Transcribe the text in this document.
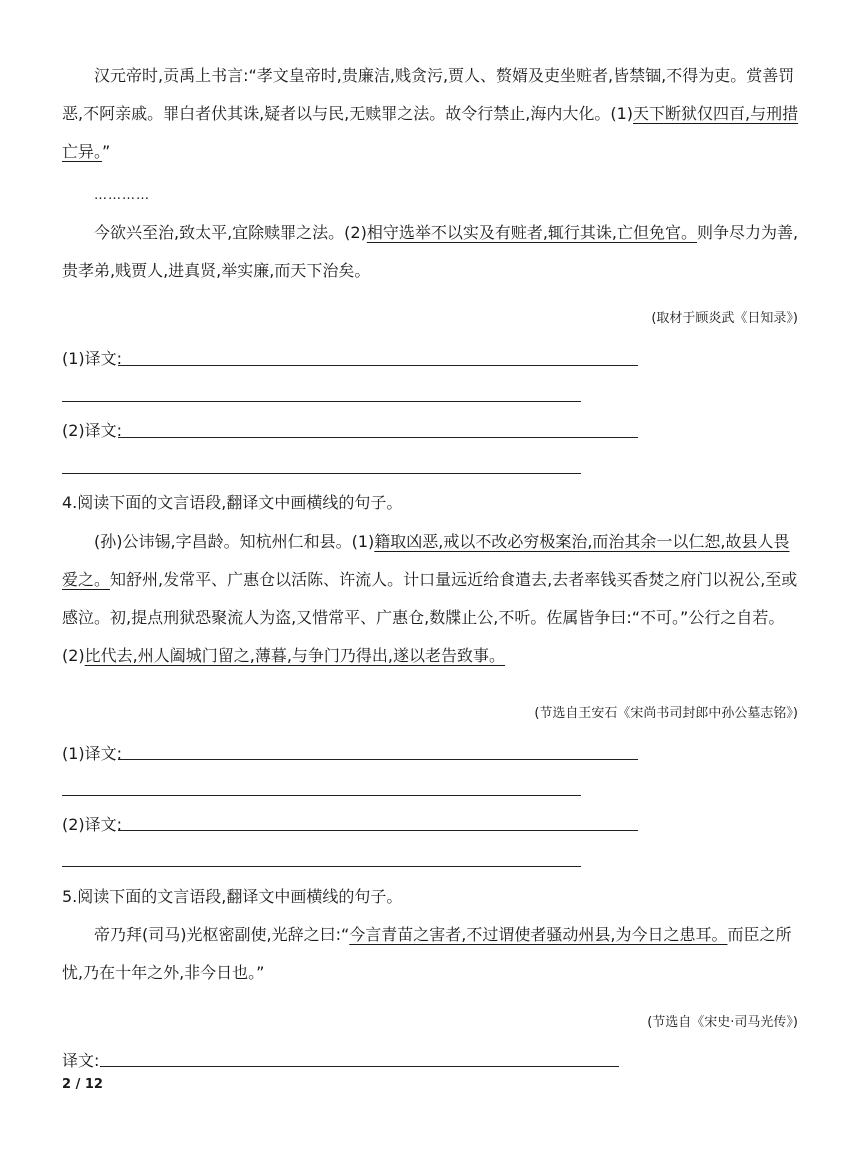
汉元帝时,贡禹上书言:“孝文皇帝时,贵廉洁,贱贪污,贾人、赘婿及吏坐赃者,皆禁锢,不得为吏。赏善罚恶,不阿亲戚。罪白者伏其诛,疑者以与民,无赎罪之法。故令行禁止,海内大化。(1)天下断狱仅四百,与刑措亡异。”

…………

今欲兴至治,致太平,宜除赎罪之法。(2)相守选举不以实及有赃者,辄行其诛,亡但免官。则争尽力为善,贵孝弟,贱贾人,进真贤,举实廉,而天下治矣。

(取材于顾炎武《日知录》)
(1)译文:
(2)译文:
4.阅读下面的文言语段,翻译文中画横线的句子。

(孙)公讳锡,字昌龄。知杭州仁和县。(1)籍取凶恶,戒以不改必穷极案治,而治其余一以仁恕,故县人畏爱之。知舒州,发常平、广惠仓以活陈、许流人。计口量远近给食遣去,去者率钱买香焚之府门以祝公,至或感泣。初,提点刑狱恐聚流人为盗,又惜常平、广惠仓,数牒止公,不听。佐属皆争曰:“不可。”公行之自若。(2)比代去,州人阖城门留之,薄暮,与争门乃得出,遂以老告致事。

(节选自王安石《宋尚书司封郎中孙公墓志铭》)
(1)译文:
(2)译文:
5.阅读下面的文言语段,翻译文中画横线的句子。

帝乃拜(司马)光枢密副使,光辞之曰:“今言青苗之害者,不过谓使者骚动州县,为今日之患耳。而臣之所忧,乃在十年之外,非今日也。”

(节选自《宋史·司马光传》)
译文:
2 / 12
